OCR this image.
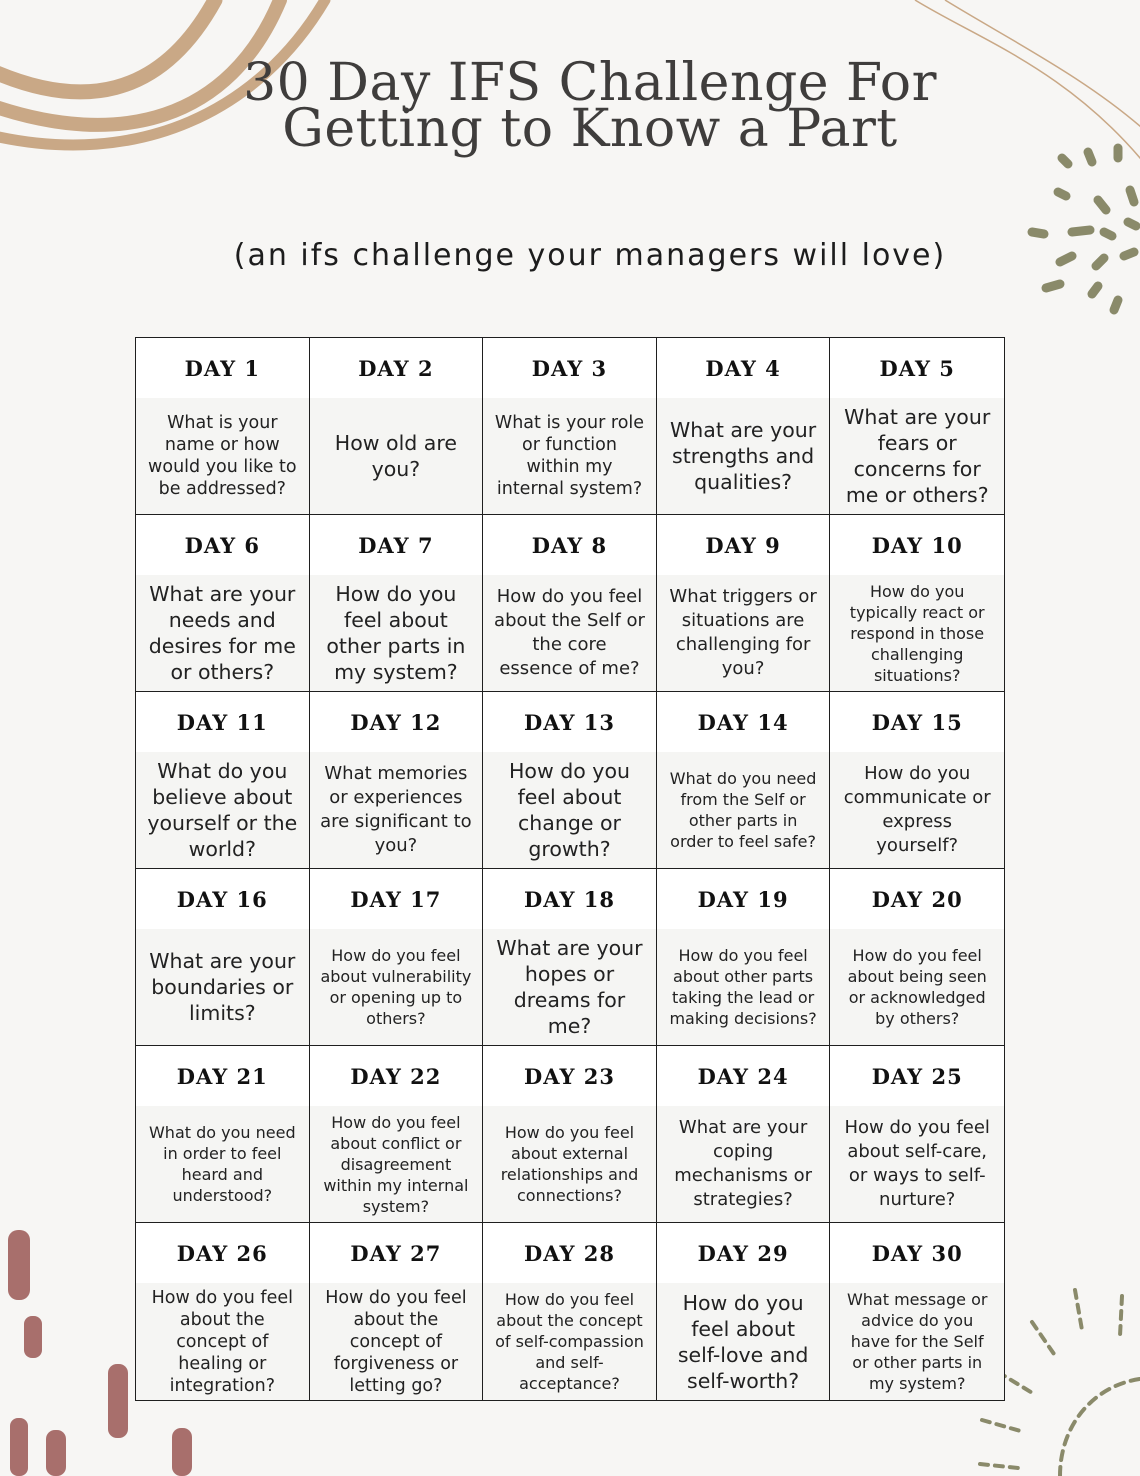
30 Day IFS Challenge For Getting to Know a Part

(an ifs challenge your managers will love)

DAY 1
What is your name or how would you like to be addressed?
DAY 2
How old are you?
DAY 3
What is your role or function within my internal system?
DAY 4
What are your strengths and qualities?
DAY 5
What are your fears or concerns for me or others?
DAY 6
What are your needs and desires for me or others?
DAY 7
How do you feel about other parts in my system?
DAY 8
How do you feel about the Self or the core essence of me?
DAY 9
What triggers or situations are challenging for you?
DAY 10
How do you typically react or respond in those challenging situations?
DAY 11
What do you believe about yourself or the world?
DAY 12
What memories or experiences are significant to you?
DAY 13
How do you feel about change or growth?
DAY 14
What do you need from the Self or other parts in order to feel safe?
DAY 15
How do you communicate or express yourself?
DAY 16
What are your boundaries or limits?
DAY 17
How do you feel about vulnerability or opening up to others?
DAY 18
What are your hopes or dreams for me?
DAY 19
How do you feel about other parts taking the lead or making decisions?
DAY 20
How do you feel about being seen or acknowledged by others?
DAY 21
What do you need in order to feel heard and understood?
DAY 22
How do you feel about conflict or disagreement within my internal system?
DAY 23
How do you feel about external relationships and connections?
DAY 24
What are your coping mechanisms or strategies?
DAY 25
How do you feel about self-care, or ways to self-nurture?
DAY 26
How do you feel about the concept of healing or integration?
DAY 27
How do you feel about the concept of forgiveness or letting go?
DAY 28
How do you feel about the concept of self-compassion and self-acceptance?
DAY 29
How do you feel about self-love and self-worth?
DAY 30
What message or advice do you have for the Self or other parts in my system?
